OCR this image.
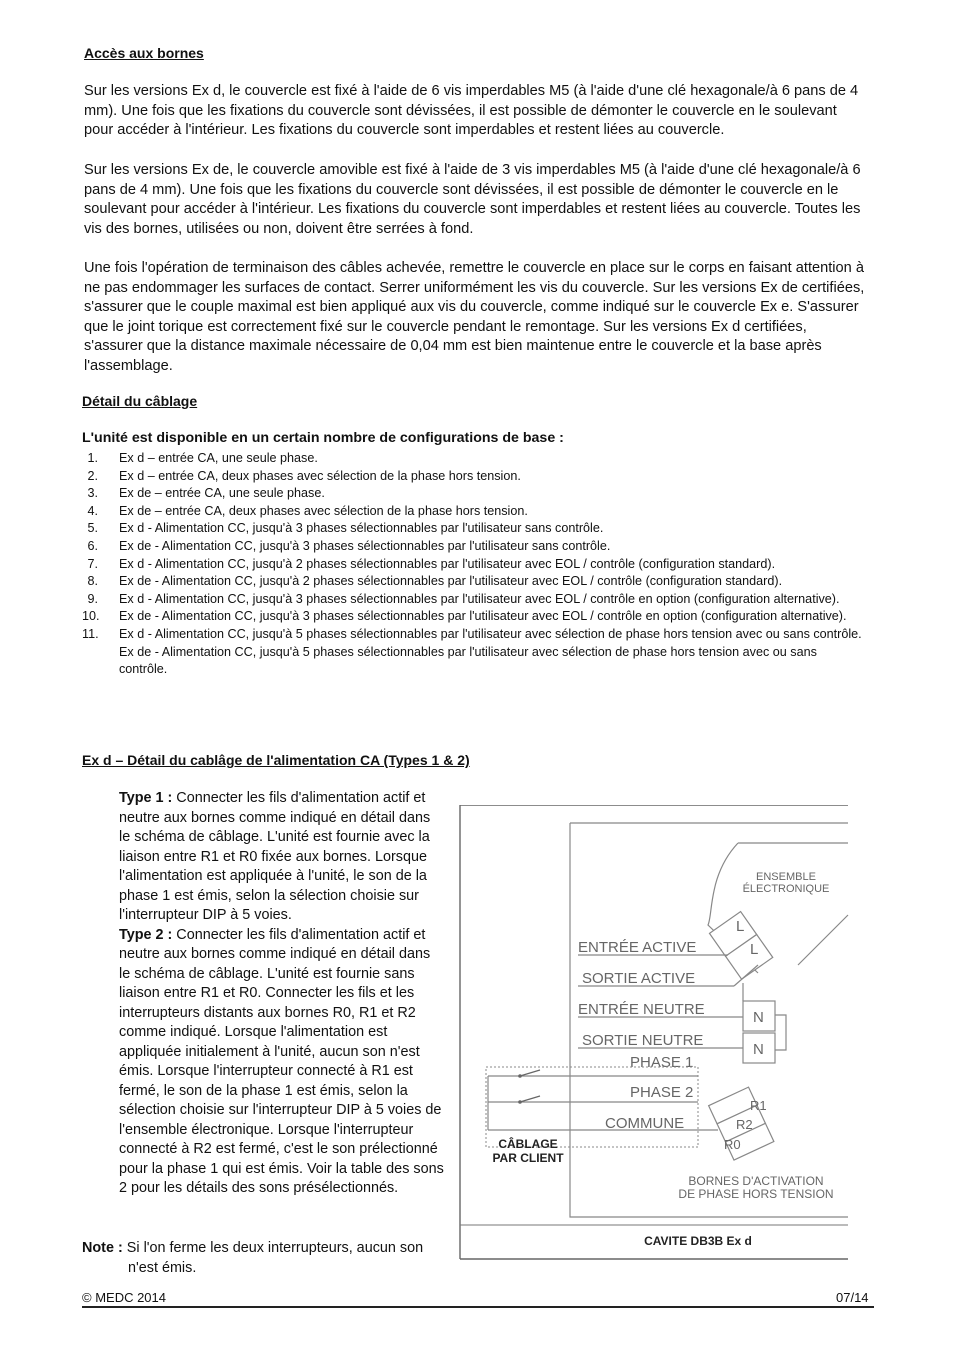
Accès aux bornes

Sur les versions Ex d, le couvercle est fixé à l'aide de 6 vis imperdables M5 (à l'aide d'une clé hexagonale/à 6 pans de 4 mm). Une fois que les fixations du couvercle sont dévissées, il est possible de démonter le couvercle en le soulevant pour accéder à l'intérieur. Les fixations du couvercle sont imperdables et restent liées au couvercle.

Sur les versions Ex de, le couvercle amovible est fixé à l'aide de 3 vis imperdables M5 (à l'aide d'une clé hexagonale/à 6 pans de 4 mm). Une fois que les fixations du couvercle sont dévissées, il est possible de démonter le couvercle en le soulevant pour accéder à l'intérieur. Les fixations du couvercle sont imperdables et restent liées au couvercle. Toutes les vis des bornes, utilisées ou non, doivent être serrées à fond.

Une fois l'opération de terminaison des câbles achevée, remettre le couvercle en place sur le corps en faisant attention à ne pas endommager les surfaces de contact. Serrer uniformément les vis du couvercle. Sur les versions Ex de certifiées, s'assurer que le couple maximal est bien appliqué aux vis du couvercle, comme indiqué sur le couvercle Ex e. S'assurer que le joint torique est correctement fixé sur le couvercle pendant le remontage. Sur les versions Ex d certifiées, s'assurer que la distance maximale nécessaire de 0,04 mm est bien maintenue entre le couvercle et la base après l'assemblage.

Détail du câblage
L'unité est disponible en un certain nombre de configurations de base :
1. Ex d – entrée CA, une seule phase.
2. Ex d – entrée CA, deux phases avec sélection de la phase hors tension.
3. Ex de – entrée CA, une seule phase.
4. Ex de – entrée CA, deux phases avec sélection de la phase hors tension.
5. Ex d - Alimentation CC, jusqu'à 3 phases sélectionnables par l'utilisateur sans contrôle.
6. Ex de - Alimentation CC, jusqu'à 3 phases sélectionnables par l'utilisateur sans contrôle.
7. Ex d - Alimentation CC, jusqu'à 2 phases sélectionnables par l'utilisateur avec EOL / contrôle (configuration standard).
8. Ex de - Alimentation CC, jusqu'à 2 phases sélectionnables par l'utilisateur avec EOL / contrôle (configuration standard).
9. Ex d - Alimentation CC, jusqu'à 3 phases sélectionnables par l'utilisateur avec EOL / contrôle en option (configuration alternative).
10. Ex de - Alimentation CC, jusqu'à 3 phases sélectionnables par l'utilisateur avec EOL / contrôle en option (configuration alternative).
11. Ex d - Alimentation CC, jusqu'à 5 phases sélectionnables par l'utilisateur avec sélection de phase hors tension avec ou sans contrôle.
Ex de - Alimentation CC, jusqu'à 5 phases sélectionnables par l'utilisateur avec sélection de phase hors tension avec ou sans contrôle.
Ex d – Détail du cablâge de l'alimentation CA (Types 1 & 2)

Type 1 : Connecter les fils d'alimentation actif et neutre aux bornes comme indiqué en détail dans le schéma de câblage. L'unité est fournie avec la liaison entre R1 et R0 fixée aux bornes. Lorsque l'alimentation est appliquée à l'unité, le son de la phase 1 est émis, selon la sélection choisie sur l'interrupteur DIP à 5 voies.
Type 2 : Connecter les fils d'alimentation actif et neutre aux bornes comme indiqué en détail dans le schéma de câblage. L'unité est fournie sans liaison entre R1 et R0. Connecter les fils et les interrupteurs distants aux bornes R0, R1 et R2 comme indiqué. Lorsque l'alimentation est appliquée initialement à l'unité, aucun son n'est émis. Lorsque l'interrupteur connecté à R1 est fermé, le son de la phase 1 est émis, selon la sélection choisie sur l'interrupteur DIP à 5 voies de l'ensemble électronique. Lorsque l'interrupteur connecté à R2 est fermé, c'est le son prélectionné pour la phase 1 qui est émis. Voir la table des sons 2 pour les détails des sons présélectionnés.

Note : Si l'on ferme les deux interrupteurs, aucun son
n'est émis.
ENSEMBLE
ÉLECTRONIQUE
L
L
ENTRÉE ACTIVE
SORTIE ACTIVE
ENTRÉE NEUTRE
SORTIE NEUTRE
N
N
PHASE 1
PHASE 2
COMMUNE
CÂBLAGE
PAR CLIENT
R1
R2
R0
BORNES D'ACTIVATION
DE PHASE HORS TENSION
CAVITE DB3B Ex d
© MEDC 2014	07/14
